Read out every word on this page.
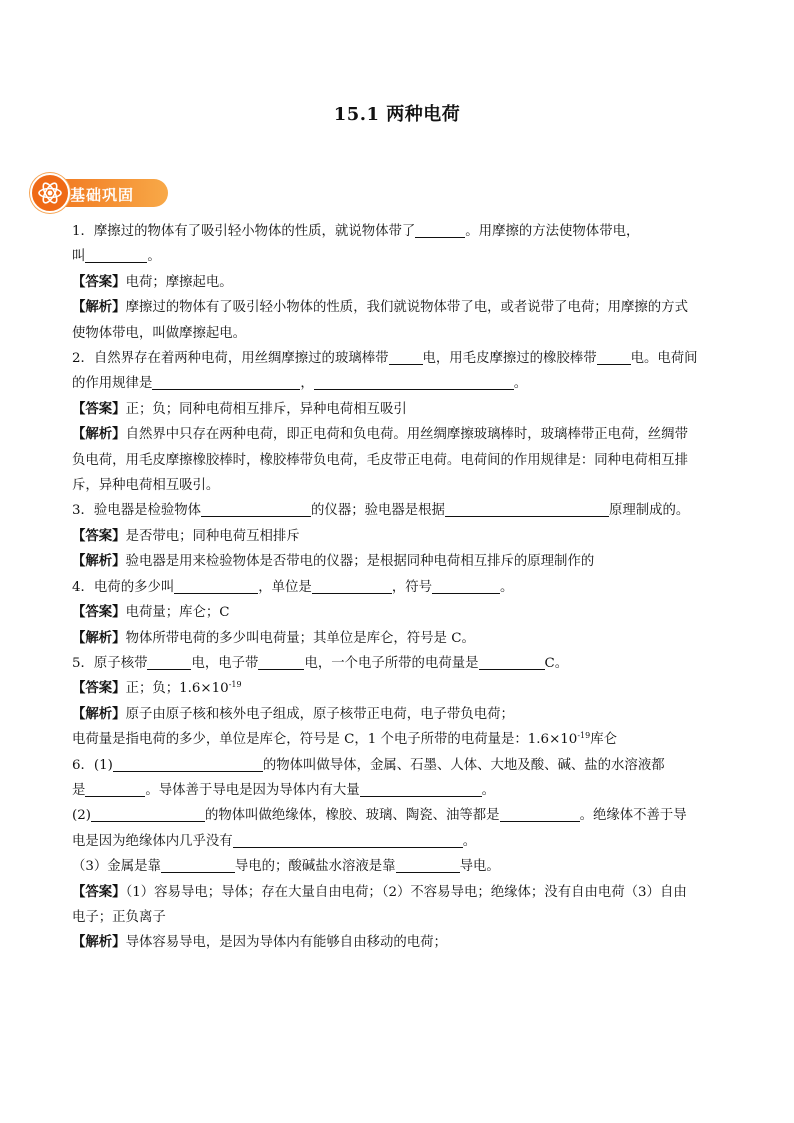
15.1 两种电荷
基础巩固

1．摩擦过的物体有了吸引轻小物体的性质，就说物体带了	。用摩擦的方法使物体带电，

叫	。

【答案】电荷；摩擦起电。

【解析】摩擦过的物体有了吸引轻小物体的性质，我们就说物体带了电，或者说带了电荷；用摩擦的方式

使物体带电，叫做摩擦起电。

2．自然界存在着两种电荷，用丝绸摩擦过的玻璃棒带	电，用毛皮摩擦过的橡胶棒带	电。电荷间

的作用规律是	，	。

【答案】正；负；同种电荷相互排斥，异种电荷相互吸引

【解析】自然界中只存在两种电荷，即正电荷和负电荷。用丝绸摩擦玻璃棒时，玻璃棒带正电荷，丝绸带

负电荷，用毛皮摩擦橡胶棒时，橡胶棒带负电荷，毛皮带正电荷。电荷间的作用规律是：同种电荷相互排

斥，异种电荷相互吸引。

3．验电器是检验物体	的仪器；验电器是根据	原理制成的。

【答案】是否带电；同种电荷互相排斥

【解析】验电器是用来检验物体是否带电的仪器；是根据同种电荷相互排斥的原理制作的

4．电荷的多少叫	，单位是	，符号	。

【答案】电荷量；库仑；C

【解析】物体所带电荷的多少叫电荷量；其单位是库仑，符号是 C。

5．原子核带	电，电子带	电，一个电子所带的电荷量是	C。

【答案】正；负；$1.6\times 10^{-19}$

【解析】原子由原子核和核外电子组成，原子核带正电荷，电子带负电荷；

电荷量是指电荷的多少，单位是库仑，符号是 C，1 个电子所带的电荷量是：$1.6\times 10^{-19}$库仑

6．(1)	的物体叫做导体，金属、石墨、人体、大地及酸、碱、盐的水溶液都

是	。导体善于导电是因为导体内有大量	。

(2)	的物体叫做绝缘体，橡胶、玻璃、陶瓷、油等都是	。绝缘体不善于导

电是因为绝缘体内几乎没有	。

（3）金属是靠	导电的；酸碱盐水溶液是靠	导电。

【答案】（1）容易导电；导体；存在大量自由电荷；（2）不容易导电；绝缘体；没有自由电荷（3）自由

电子；正负离子

【解析】导体容易导电，是因为导体内有能够自由移动的电荷；
